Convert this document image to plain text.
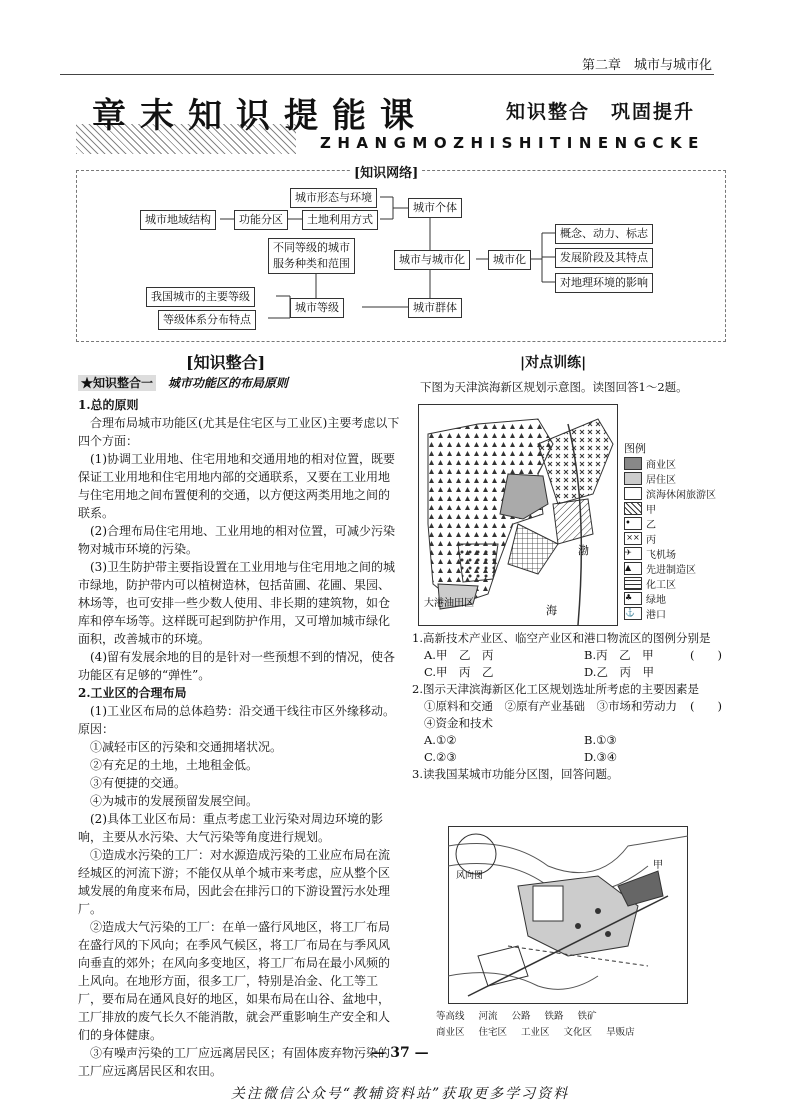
第二章　城市与城市化
章末知识提能课	知识整合　巩固提升
ZHANGMOZHISHITINENGCKE
[知识网络]
城市形态与环境
城市地域结构	功能分区	土地利用方式
城市个体
不同等级的城市
服务种类和范围	城市与城市化	城市化
概念、动力、标志
发展阶段及其特点
对地理环境的影响
我国城市的主要等级
城市等级	城市群体
等级体系分布特点
[知识整合]
★知识整合一 城市功能区的布局原则

1.总的原则

合理布局城市功能区(尤其是住宅区与工业区)主要考虑以下四个方面：

(1)协调工业用地、住宅用地和交通用地的相对位置，既要保证工业用地和住宅用地内部的交通联系，又要在工业用地与住宅用地之间布置便利的交通，以方便这两类用地之间的联系。

(2)合理布局住宅用地、工业用地的相对位置，可减少污染物对城市环境的污染。

(3)卫生防护带主要指设置在工业用地与住宅用地之间的城市绿地，防护带内可以植树造林，包括苗圃、花圃、果园、林场等，也可安排一些少数人使用、非长期的建筑物，如仓库和停车场等。这样既可起到防护作用，又可增加城市绿化面积，改善城市的环境。

(4)留有发展余地的目的是针对一些预想不到的情况，使各功能区有足够的“弹性”。

2.工业区的合理布局

(1)工业区布局的总体趋势：沿交通干线往市区外缘移动。原因：

①减轻市区的污染和交通拥堵状况。

②有充足的土地，土地租金低。

③有便捷的交通。

④为城市的发展预留发展空间。

(2)具体工业区布局：重点考虑工业污染对周边环境的影响，主要从水污染、大气污染等角度进行规划。

①造成水污染的工厂：对水源造成污染的工业应布局在流经城区的河流下游；不能仅从单个城市来考虑，应从整个区域发展的角度来布局，因此会在排污口的下游设置污水处理厂。

②造成大气污染的工厂：在单一盛行风地区，将工厂布局在盛行风的下风向；在季风气候区，将工厂布局在与季风风向垂直的郊外；在风向多变地区，将工厂布局在最小风频的上风向。在地形方面，很多工厂，特别是冶金、化工等工厂，要布局在通风良好的地区，如果布局在山谷、盆地中，工厂排放的废气长久不能消散，就会严重影响生产安全和人们的身体健康。

③有噪声污染的工厂应远离居民区；有固体废弃物污染的工厂应远离居民区和农田。

|对点训练|
下图为天津滨海新区规划示意图。读图回答1～2题。
渤
海
大港油田区
图例
商业区
居住区
滨海休闲旅游区
甲
•	乙
×× 丙
✈	飞机场
▲	先进制造区
化工区
♣	绿地
⚓	港口

1.高新技术产业区、临空产业区和港口物流区的图例分别是
(　　)

A.甲　乙　丙	B.丙　乙　甲

C.甲　丙　乙	D.乙　丙　甲

2.图示天津滨海新区化工区规划选址所考虑的主要因素是
(　　)

①原料和交通　②原有产业基础　③市场和劳动力

④资金和技术

A.①②	B.①③

C.②③	D.③④

3.读我国某城市功能分区图，回答问题。

风向图
甲
等高线 河流 公路 铁路 铁矿
商业区 住宅区 工业区 文化区 旱贩店
— 37 —
关注微信公众号“教辅资料站”获取更多学习资料
